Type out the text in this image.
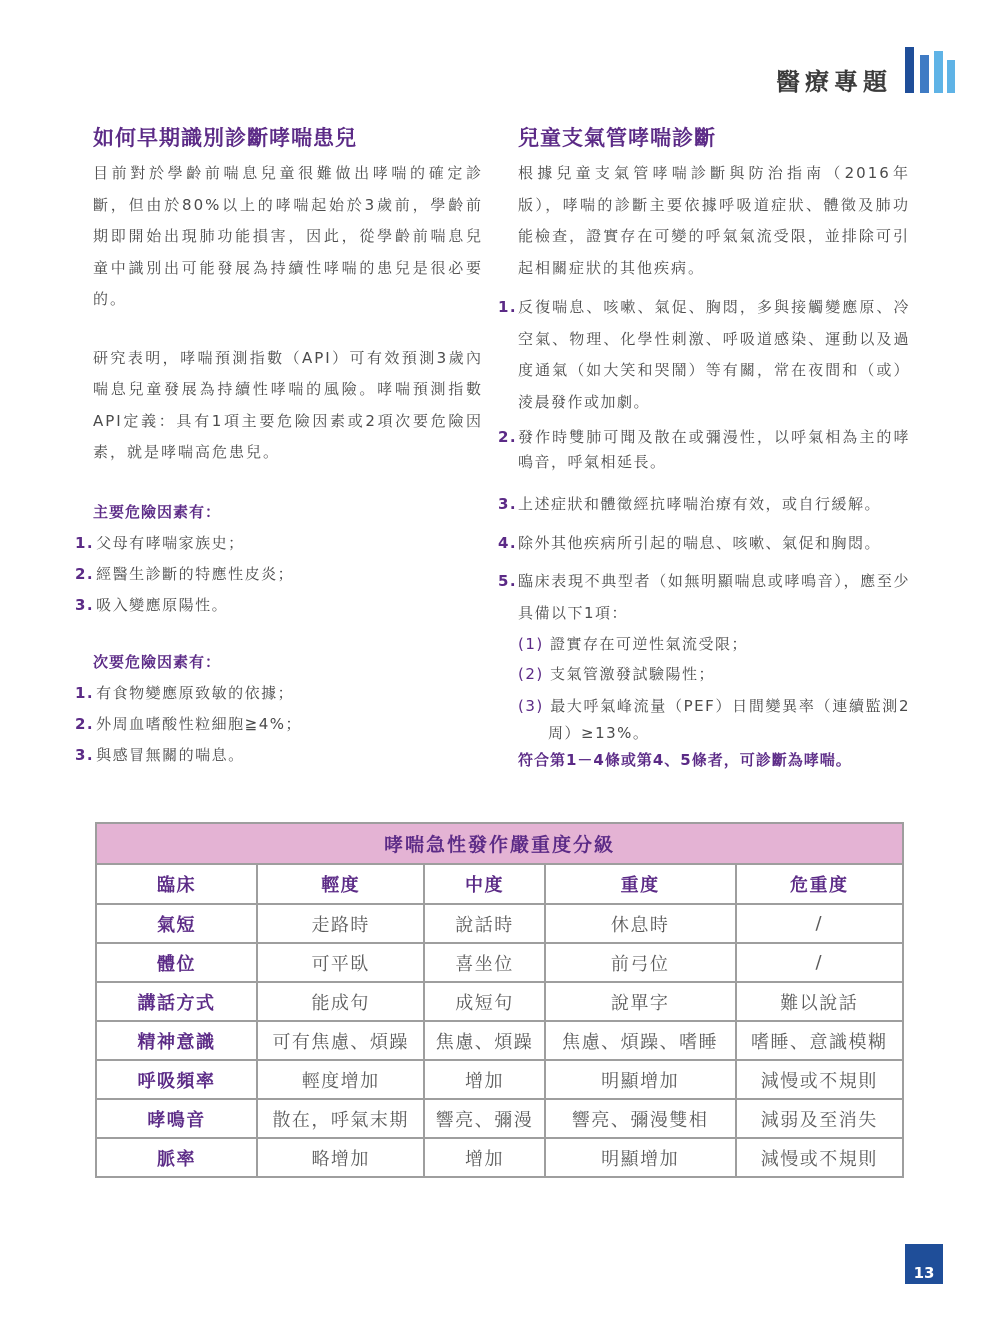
醫療專題
如何早期識別診斷哮喘患兒

目前對於學齡前喘息兒童很難做出哮喘的確定診斷，但由於80%以上的哮喘起始於3歲前，學齡前期即開始出現肺功能損害，因此，從學齡前喘息兒童中識別出可能發展為持續性哮喘的患兒是很必要的。

研究表明，哮喘預測指數（API）可有效預測3歲內喘息兒童發展為持續性哮喘的風險。哮喘預測指數API定義：具有1項主要危險因素或2項次要危險因素，就是哮喘高危患兒。

主要危險因素有：
1. 父母有哮喘家族史；
2. 經醫生診斷的特應性皮炎；
3. 吸入變應原陽性。
次要危險因素有：
1. 有食物變應原致敏的依據；
2. 外周血嗜酸性粒細胞≧4%；
3. 與感冒無關的喘息。
兒童支氣管哮喘診斷

根據兒童支氣管哮喘診斷與防治指南（2016年版），哮喘的診斷主要依據呼吸道症狀、體徵及肺功能檢查，證實存在可變的呼氣氣流受限，並排除可引起相關症狀的其他疾病。

1. 反復喘息、咳嗽、氣促、胸悶，多與接觸變應原、冷空氣、物理、化學性刺激、呼吸道感染、運動以及過度通氣（如大笑和哭鬧）等有關，常在夜間和（或）淩晨發作或加劇。
2. 發作時雙肺可聞及散在或彌漫性，以呼氣相為主的哮鳴音，呼氣相延長。
3. 上述症狀和體徵經抗哮喘治療有效，或自行緩解。
4. 除外其他疾病所引起的喘息、咳嗽、氣促和胸悶。
5. 臨床表現不典型者（如無明顯喘息或哮鳴音），應至少具備以下1項：
(1) 證實存在可逆性氣流受限；
(2) 支氣管激發試驗陽性；
(3) 最大呼氣峰流量（PEF）日間變異率（連續監測2周）≥13%。
符合第1－4條或第4、5條者，可診斷為哮喘。
哮喘急性發作嚴重度分級				
臨床	輕度	中度	重度	危重度
氣短	走路時	說話時	休息時	/
體位	可平臥	喜坐位	前弓位	/
講話方式	能成句	成短句	說單字	難以說話
精神意識	可有焦慮、煩躁	焦慮、煩躁	焦慮、煩躁、嗜睡	嗜睡、意識模糊
呼吸頻率	輕度增加	增加	明顯增加	減慢或不規則
哮鳴音	散在，呼氣末期	響亮、彌漫	響亮、彌漫雙相	減弱及至消失
脈率	略增加	增加	明顯增加	減慢或不規則
13
